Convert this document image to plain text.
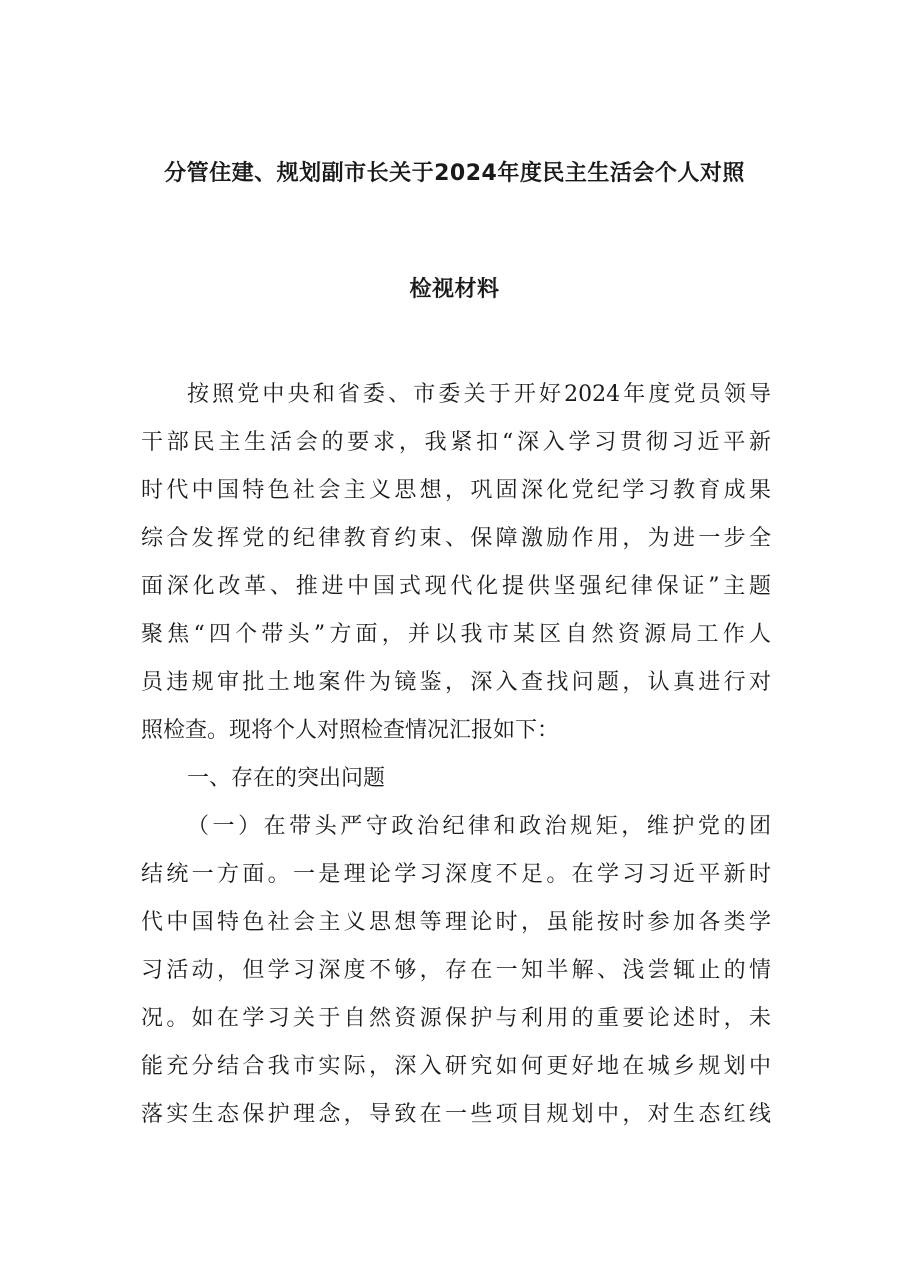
分管住建、规划副市长关于2024年度民主生活会个人对照
检视材料
按照党中央和省委、市委关于开好2024年度党员领导
干部民主生活会的要求，我紧扣“深入学习贯彻习近平新
时代中国特色社会主义思想，巩固深化党纪学习教育成果
综合发挥党的纪律教育约束、保障激励作用，为进一步全
面深化改革、推进中国式现代化提供坚强纪律保证”主题
聚焦“四个带头”方面，并以我市某区自然资源局工作人
员违规审批土地案件为镜鉴，深入查找问题，认真进行对
照检查。现将个人对照检查情况汇报如下：
一、存在的突出问题
（一）在带头严守政治纪律和政治规矩，维护党的团
结统一方面。一是理论学习深度不足。在学习习近平新时
代中国特色社会主义思想等理论时，虽能按时参加各类学
习活动，但学习深度不够，存在一知半解、浅尝辄止的情
况。如在学习关于自然资源保护与利用的重要论述时，未
能充分结合我市实际，深入研究如何更好地在城乡规划中
落实生态保护理念，导致在一些项目规划中，对生态红线
